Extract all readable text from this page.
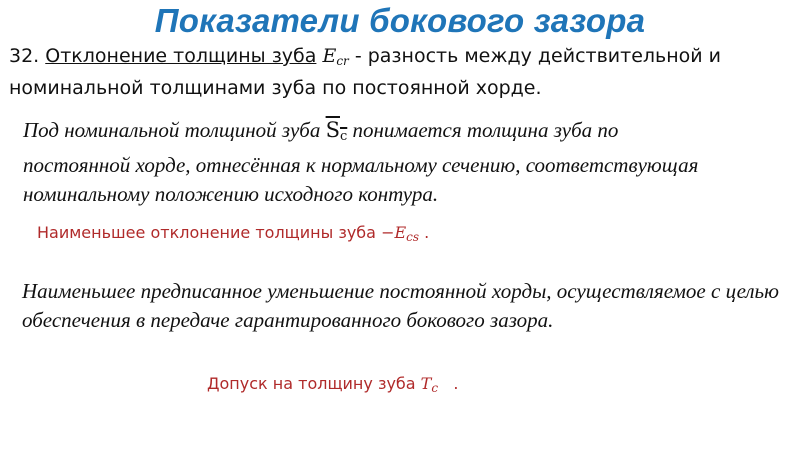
Показатели бокового зазора
32. Отклонение толщины зуба $E_{cr}$ - разность между действительной и
номинальной толщинами зуба по постоянной хорде.
Под номинальной толщиной зуба $S_c$ понимается толщина зуба по постоянной хорде, отнесённая к нормальному сечению, соответствующая номинальному положению исходного контура.
Наименьшее отклонение толщины зуба $-E_{cs}$ .
Наименьшее предписанное уменьшение постоянной хорды, осуществляемое с целью обеспечения в передаче гарантированного бокового зазора.
Допуск на толщину зуба $T_c$   .
